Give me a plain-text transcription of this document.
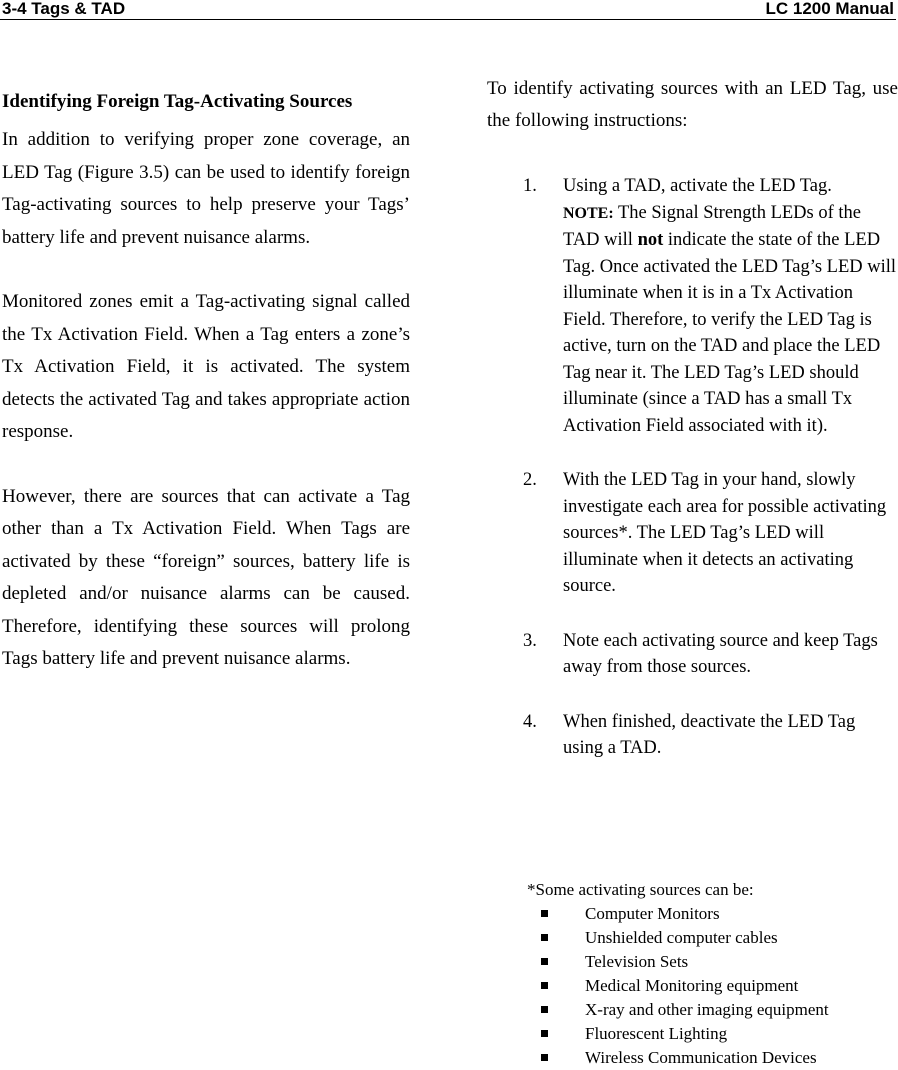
3-4 Tags & TAD	LC 1200 Manual
Identifying Foreign Tag-Activating Sources

In addition to verifying proper zone coverage, an LED Tag (Figure 3.5) can be used to identify foreign Tag-activating sources to help preserve your Tags’ battery life and prevent nuisance alarms.

Monitored zones emit a Tag-activating signal called the Tx Activation Field. When a Tag enters a zone’s Tx Activation Field, it is activated. The system detects the activated Tag and takes appropriate action response.

However, there are sources that can activate a Tag other than a Tx Activation Field. When Tags are activated by these “foreign” sources, battery life is depleted and/or nuisance alarms can be caused. Therefore, identifying these sources will prolong Tags battery life and prevent nuisance alarms.

To identify activating sources with an LED Tag, use the following instructions:

1. Using a TAD, activate the LED Tag.
NOTE: The Signal Strength LEDs of the TAD will not indicate the state of the LED Tag. Once activated the LED Tag’s LED will illuminate when it is in a Tx Activation Field. Therefore, to verify the LED Tag is active, turn on the TAD and place the LED Tag near it. The LED Tag’s LED should illuminate (since a TAD has a small Tx Activation Field associated with it).
2. With the LED Tag in your hand, slowly investigate each area for possible activating sources*. The LED Tag’s LED will illuminate when it detects an activating source.
3. Note each activating source and keep Tags away from those sources.
4. When finished, deactivate the LED Tag using a TAD.
*Some activating sources can be:
Computer Monitors
Unshielded computer cables
Television Sets
Medical Monitoring equipment
X-ray and other imaging equipment
Fluorescent Lighting
Wireless Communication Devices
